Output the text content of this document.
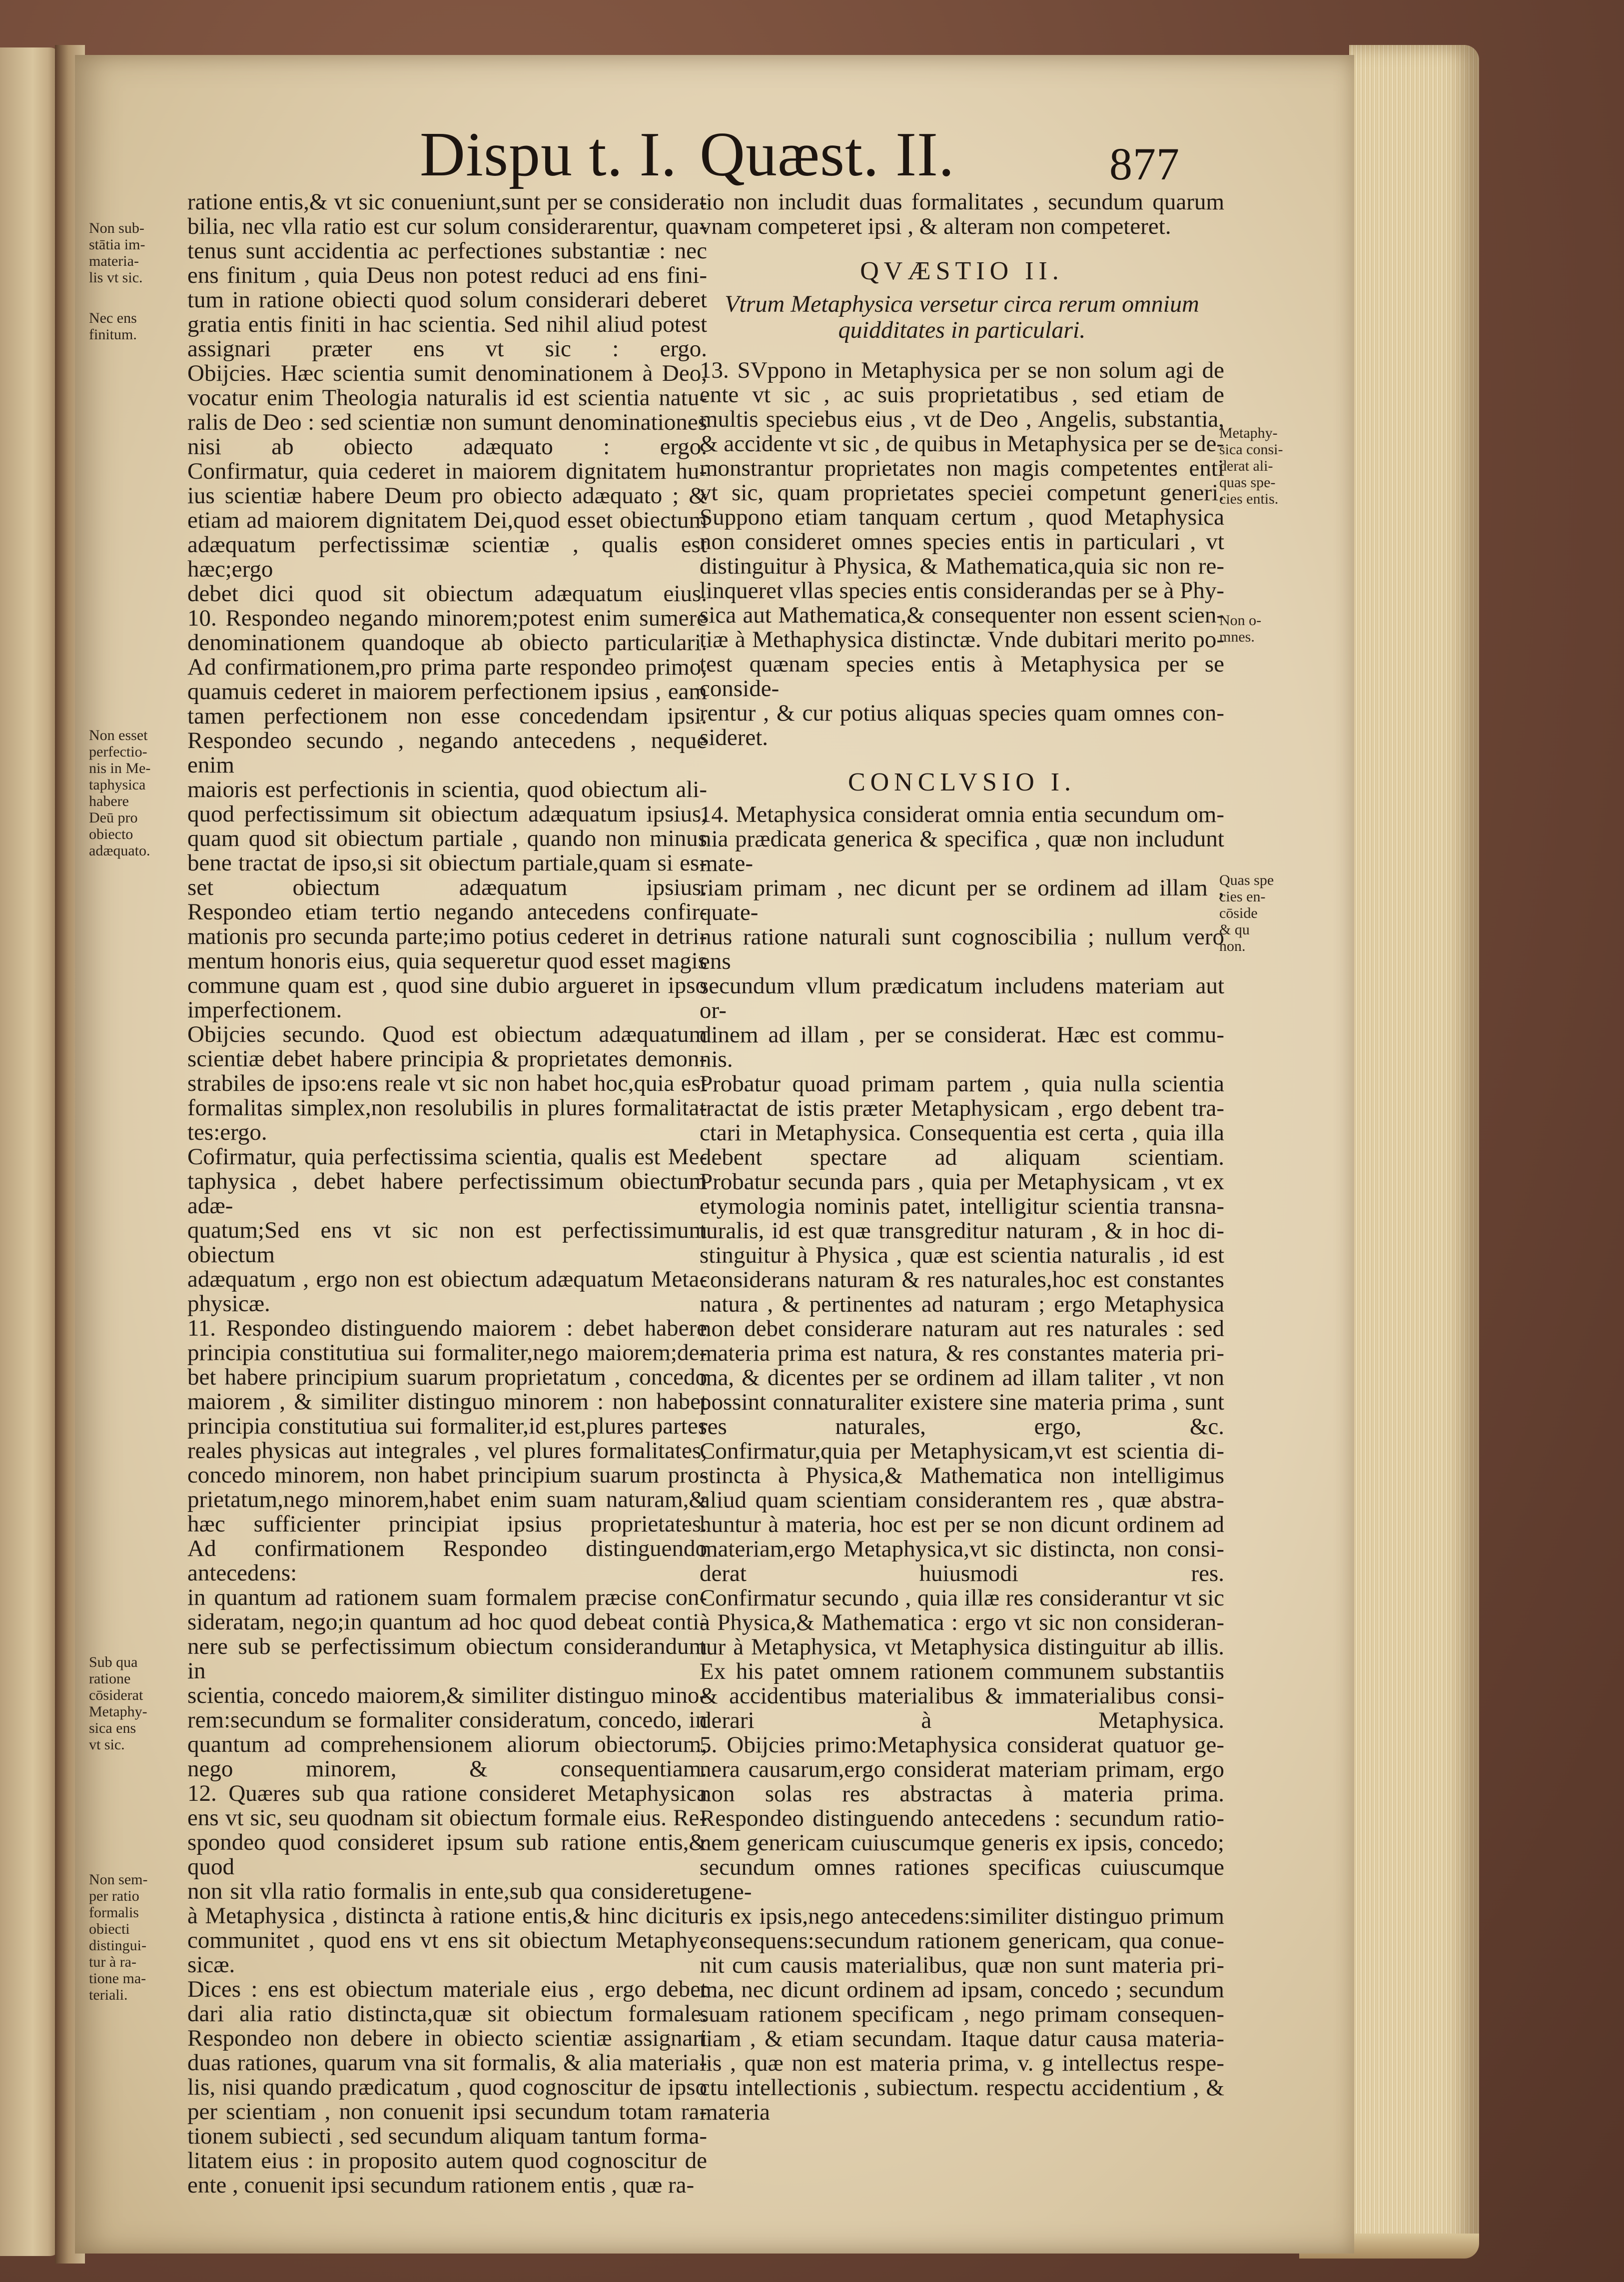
Dispu t. I. Quæst. II.	877
Non sub-
stātia im-
materia-
lis vt sic.
Nec ens
finitum.
Non esset
perfectio-
nis in Me-
taphysica
habere
Deū pro
obiecto
adæquato.
Sub qua
ratione
cōsiderat
Metaphy-
sica ens
vt sic.
Non sem-
per ratio
formalis
obiecti
distingui-
tur à ra-
tione ma-
teriali.
Metaphy-
sica consi-
derat ali-
quas spe-
cies entis.
Non o-
mnes.
Quas spe
cies en-
cōside
& qu
non.
ratione entis,& vt sic conueniunt,sunt per se considera-
bilia, nec vlla ratio est cur solum considerarentur, qua-
tenus sunt accidentia ac perfectiones substantiæ : nec
ens finitum , quia Deus non potest reduci ad ens fini-
tum in ratione obiecti quod solum considerari deberet
gratia entis finiti in hac scientia. Sed nihil aliud potest
assignari præter ens vt sic : ergo.
Obijcies. Hæc scientia sumit denominationem à Deo,
vocatur enim Theologia naturalis id est scientia natu-
ralis de Deo : sed scientiæ non sumunt denominationes
nisi ab obiecto adæquato : ergo.
Confirmatur, quia cederet in maiorem dignitatem hu-
ius scientiæ habere Deum pro obiecto adæquato ; &
etiam ad maiorem dignitatem Dei,quod esset obiectum
adæquatum perfectissimæ scientiæ , qualis est hæc;ergo
debet dici quod sit obiectum adæquatum eius.
10. Respondeo negando minorem;potest enim sumere
denominationem quandoque ab obiecto particulari.
Ad confirmationem,pro prima parte respondeo primo,
quamuis cederet in maiorem perfectionem ipsius , eam
tamen perfectionem non esse concedendam ipsi.
Respondeo secundo , negando antecedens , neque enim
maioris est perfectionis in scientia, quod obiectum ali-
quod perfectissimum sit obiectum adæquatum ipsius,
quam quod sit obiectum partiale , quando non minus
bene tractat de ipso,si sit obiectum partiale,quam si es-
set obiectum adæquatum ipsius.
Respondeo etiam tertio negando antecedens confir-
mationis pro secunda parte;imo potius cederet in detri-
mentum honoris eius, quia sequeretur quod esset magis
commune quam est , quod sine dubio argueret in ipso
imperfectionem.
Obijcies secundo. Quod est obiectum adæquatum
scientiæ debet habere principia & proprietates demon-
strabiles de ipso:ens reale vt sic non habet hoc,quia est
formalitas simplex,non resolubilis in plures formalita-
tes:ergo.
Cofirmatur, quia perfectissima scientia, qualis est Me-
taphysica , debet habere perfectissimum obiectum adæ-
quatum;Sed ens vt sic non est perfectissimum obiectum
adæquatum , ergo non est obiectum adæquatum Meta-
physicæ.
11. Respondeo distinguendo maiorem : debet habere
principia constitutiua sui formaliter,nego maiorem;de-
bet habere principium suarum proprietatum , concedo
maiorem , & similiter distinguo minorem : non habet
principia constitutiua sui formaliter,id est,plures partes
reales physicas aut integrales , vel plures formalitates,
concedo minorem, non habet principium suarum pro-
prietatum,nego minorem,habet enim suam naturam,&
hæc sufficienter principiat ipsius proprietates.
Ad confirmationem Respondeo distinguendo antecedens:
in quantum ad rationem suam formalem præcise con-
sideratam, nego;in quantum ad hoc quod debeat conti-
nere sub se perfectissimum obiectum considerandum in
scientia, concedo maiorem,& similiter distinguo mino-
rem:secundum se formaliter consideratum, concedo, in
quantum ad comprehensionem aliorum obiectorum,
nego minorem, & consequentiam.
12. Quæres sub qua ratione consideret Metaphysica
ens vt sic, seu quodnam sit obiectum formale eius. Re-
spondeo quod consideret ipsum sub ratione entis,& quod
non sit vlla ratio formalis in ente,sub qua consideretur
à Metaphysica , distincta à ratione entis,& hinc dicitur
communitet , quod ens vt ens sit obiectum Metaphy-
sicæ.
Dices : ens est obiectum materiale eius , ergo debet
dari alia ratio distincta,quæ sit obiectum formale.
Respondeo non debere in obiecto scientiæ assignari
duas rationes, quarum vna sit formalis, & alia materia-
lis, nisi quando prædicatum , quod cognoscitur de ipso
per scientiam , non conuenit ipsi secundum totam ra-
tionem subiecti , sed secundum aliquam tantum forma-
litatem eius : in proposito autem quod cognoscitur de
ente , conuenit ipsi secundum rationem entis , quæ ra-
tio non includit duas formalitates , secundum quarum
vnam competeret ipsi , & alteram non competeret.

QVÆSTIO II.

Vtrum Metaphysica versetur circa rerum omnium quidditates in particulari.

13. SVppono in Metaphysica per se non solum agi de
ente vt sic , ac suis proprietatibus , sed etiam de
multis speciebus eius , vt de Deo , Angelis, substantia,
& accidente vt sic , de quibus in Metaphysica per se de-
monstrantur proprietates non magis competentes enti
vt sic, quam proprietates speciei competunt generi.
Suppono etiam tanquam certum , quod Metaphysica
non consideret omnes species entis in particulari , vt
distinguitur à Physica, & Mathematica,quia sic non re-
linqueret vllas species entis considerandas per se à Phy-
sica aut Mathematica,& consequenter non essent scien-
tiæ à Methaphysica distinctæ. Vnde dubitari merito po-
test quænam species entis à Metaphysica per se conside-
rentur , & cur potius aliquas species quam omnes con-
sideret.

CONCLVSIO I.

14. Metaphysica considerat omnia entia secundum om-
nia prædicata generica & specifica , quæ non includunt mate-
riam primam , nec dicunt per se ordinem ad illam , quate-
nus ratione naturali sunt cognoscibilia ; nullum vero ens
secundum vllum prædicatum includens materiam aut or-
dinem ad illam , per se considerat. Hæc est commu-
nis.
Probatur quoad primam partem , quia nulla scientia
tractat de istis præter Metaphysicam , ergo debent tra-
ctari in Metaphysica. Consequentia est certa , quia illa
debent spectare ad aliquam scientiam.
Probatur secunda pars , quia per Metaphysicam , vt ex
etymologia nominis patet, intelligitur scientia transna-
turalis, id est quæ transgreditur naturam , & in hoc di-
stinguitur à Physica , quæ est scientia naturalis , id est
considerans naturam & res naturales,hoc est constantes
natura , & pertinentes ad naturam ; ergo Metaphysica
non debet considerare naturam aut res naturales : sed
materia prima est natura, & res constantes materia pri-
ma, & dicentes per se ordinem ad illam taliter , vt non
possint connaturaliter existere sine materia prima , sunt
res naturales, ergo, &c.
Confirmatur,quia per Metaphysicam,vt est scientia di-
stincta à Physica,& Mathematica non intelligimus
aliud quam scientiam considerantem res , quæ abstra-
huntur à materia, hoc est per se non dicunt ordinem ad
materiam,ergo Metaphysica,vt sic distincta, non consi-
derat huiusmodi res.
Confirmatur secundo , quia illæ res considerantur vt sic
à Physica,& Mathematica : ergo vt sic non consideran-
tur à Metaphysica, vt Metaphysica distinguitur ab illis.
Ex his patet omnem rationem communem substantiis
& accidentibus materialibus & immaterialibus consi-
derari à Metaphysica.
5. Obijcies primo:Metaphysica considerat quatuor ge-
nera causarum,ergo considerat materiam primam, ergo
non solas res abstractas à materia prima.
Respondeo distinguendo antecedens : secundum ratio-
nem genericam cuiuscumque generis ex ipsis, concedo;
secundum omnes rationes specificas cuiuscumque gene-
ris ex ipsis,nego antecedens:similiter distinguo primum
consequens:secundum rationem genericam, qua conue-
nit cum causis materialibus, quæ non sunt materia pri-
ma, nec dicunt ordinem ad ipsam, concedo ; secundum
suam rationem specificam , nego primam consequen-
tiam , & etiam secundam. Itaque datur causa materia-
lis , quæ non est materia prima, v. g intellectus respe-
ctu intellectionis , subiectum. respectu accidentium , &
materia
